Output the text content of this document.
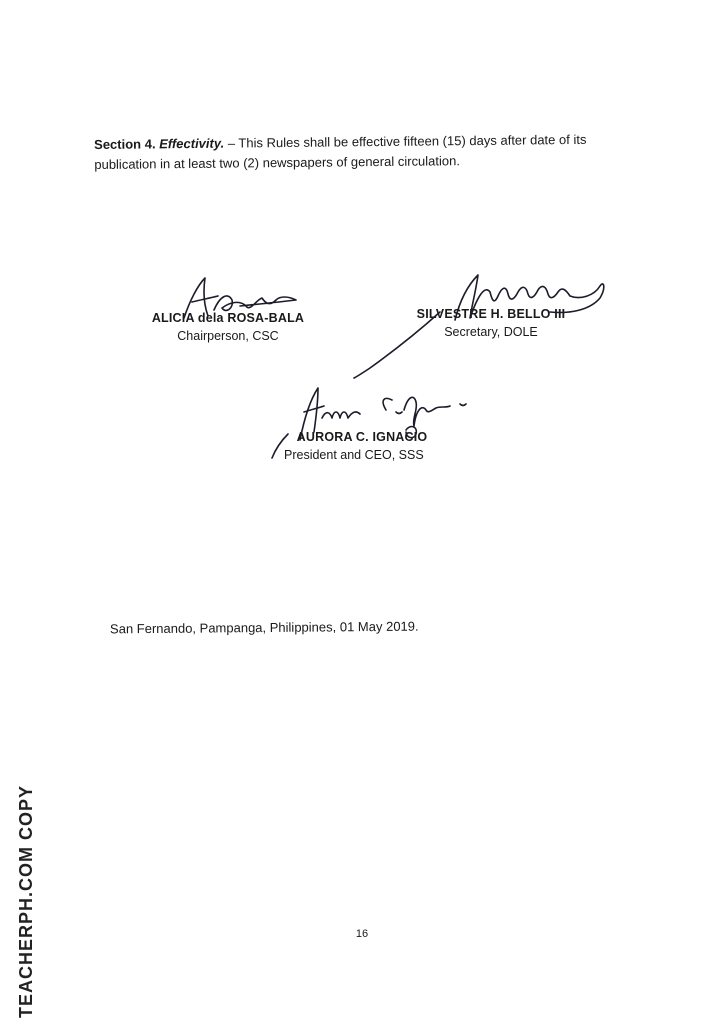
Section 4. Effectivity. – This Rules shall be effective fifteen (15) days after date of its publication in at least two (2) newspapers of general circulation.
ALICIA dela ROSA-BALA
Chairperson, CSC
SILVESTRE H. BELLO III
Secretary, DOLE
AURORA C. IGNACIO
President and CEO, SSS
San Fernando, Pampanga, Philippines, 01 May 2019.
16
TEACHERPH.COM COPY
